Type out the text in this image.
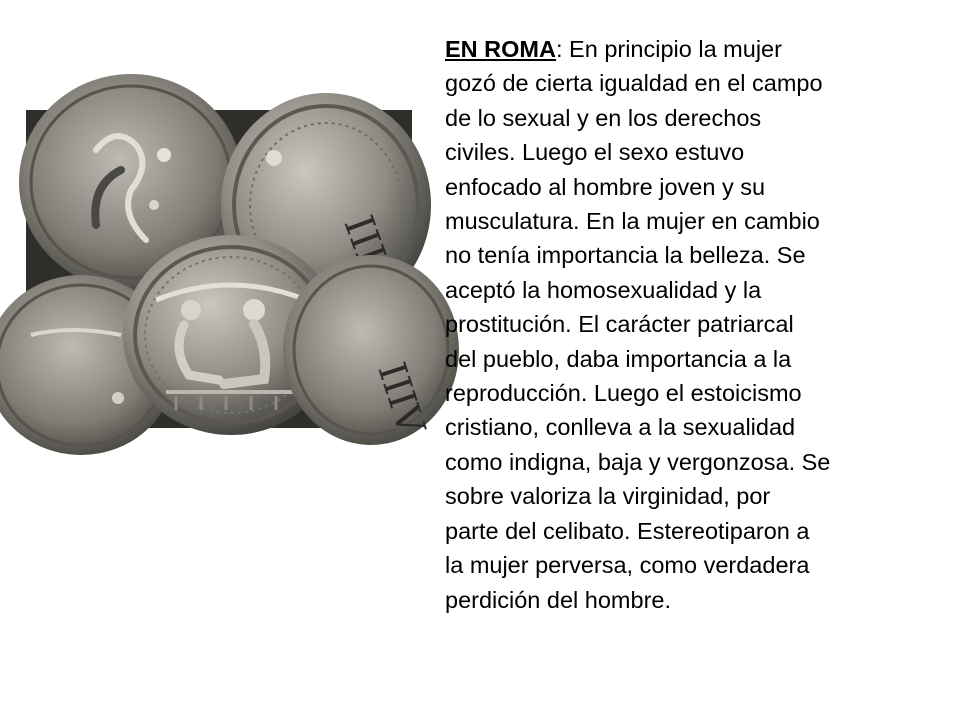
IIIV

EN ROMA: En principio la mujer

gozó de cierta igualdad en el campo

de lo sexual y en los derechos

civiles. Luego el sexo estuvo

enfocado al hombre joven y su

musculatura. En la mujer en cambio

no tenía importancia la belleza. Se

aceptó la homosexualidad y la

prostitución. El carácter patriarcal

del pueblo, daba importancia a la

reproducción. Luego el estoicismo

cristiano, conlleva a la sexualidad

como indigna, baja y vergonzosa. Se

sobre valoriza la virginidad, por

parte del celibato. Estereotiparon a

la mujer perversa, como verdadera

perdición del hombre.
